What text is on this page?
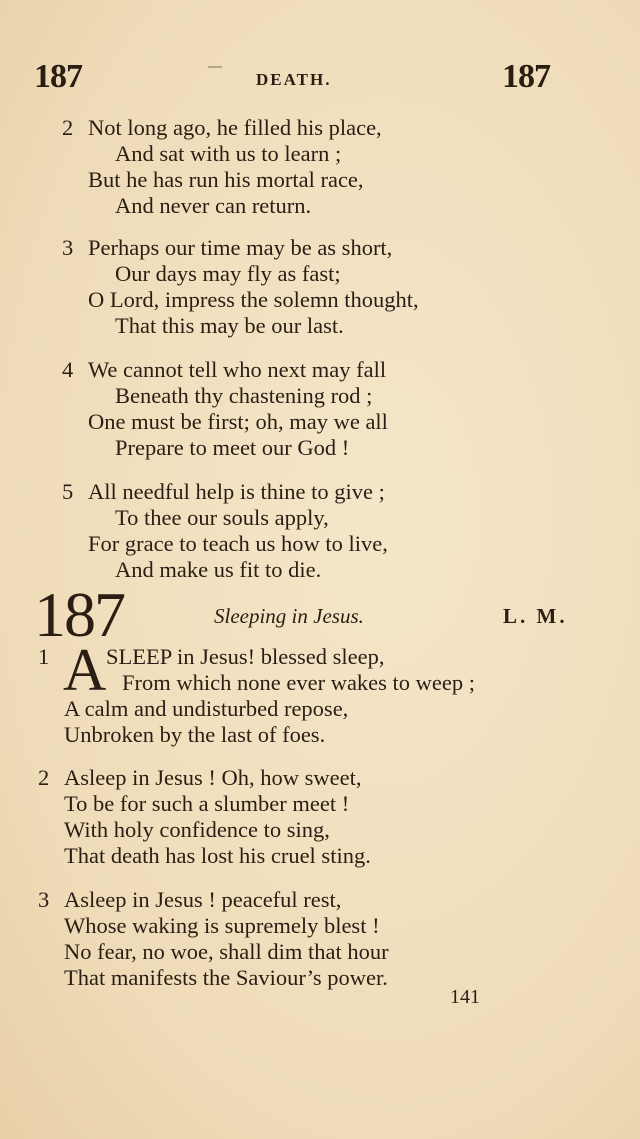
187	DEATH.	187
2 Not long ago, he filled his place,
And sat with us to learn ;
But he has run his mortal race,
And never can return.
3 Perhaps our time may be as short,
Our days may fly as fast;
O Lord, impress the solemn thought,
That this may be our last.
4 We cannot tell who next may fall
Beneath thy chastening rod ;
One must be first; oh, may we all
Prepare to meet our God !
5 All needful help is thine to give ;
To thee our souls apply,
For grace to teach us how to live,
And make us fit to die.
187	Sleeping in Jesus.	L. M.
1 A SLEEP in Jesus! blessed sleep,
From which none ever wakes to weep ;
A calm and undisturbed repose,
Unbroken by the last of foes.
2 Asleep in Jesus ! Oh, how sweet,
To be for such a slumber meet !
With holy confidence to sing,
That death has lost his cruel sting.
3 Asleep in Jesus ! peaceful rest,
Whose waking is supremely blest !
No fear, no woe, shall dim that hour
That manifests the Saviour’s power.
141
